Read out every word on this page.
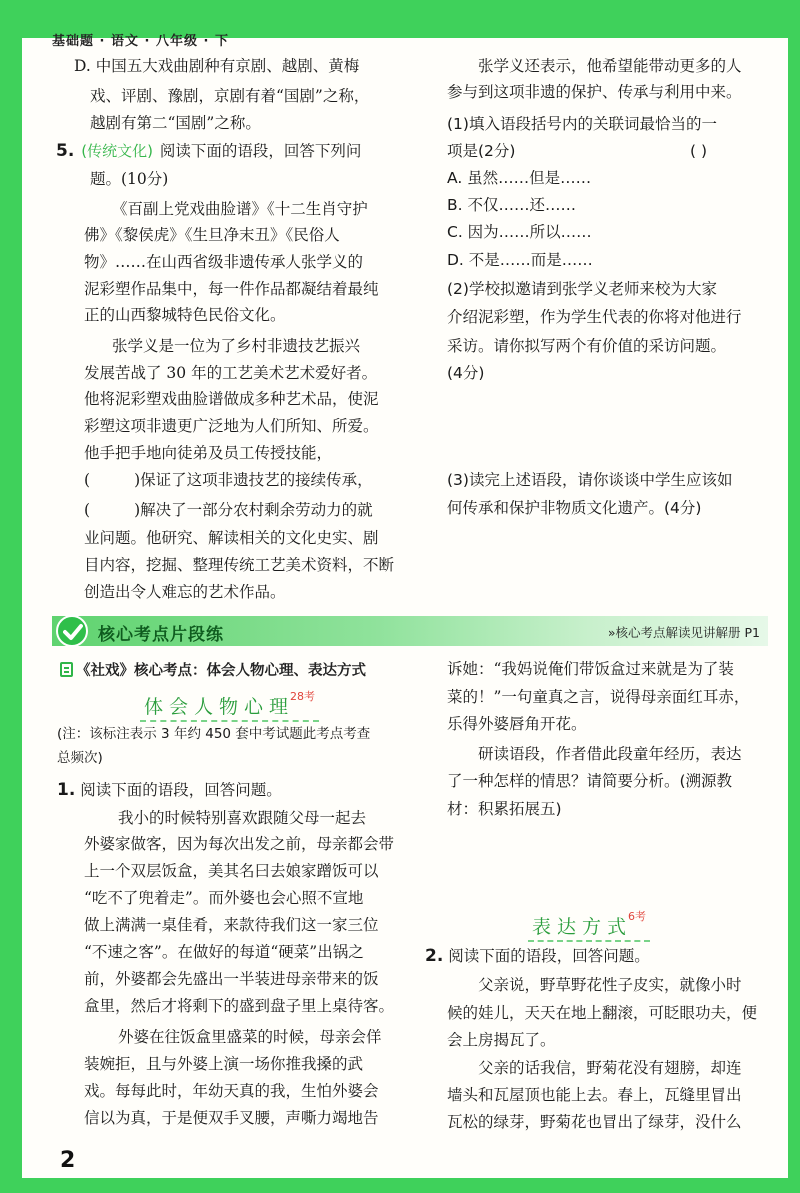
基础题 · 语文 · 八年级 · 下
D. 中国五大戏曲剧种有京剧、越剧、黄梅
戏、评剧、豫剧，京剧有着“国剧”之称，
越剧有第二“国剧”之称。
5. (传统文化) 阅读下面的语段，回答下列问
题。(10分)
《百副上党戏曲脸谱》《十二生肖守护
佛》《黎侯虎》《生旦净末丑》《民俗人
物》……在山西省级非遗传承人张学义的
泥彩塑作品集中，每一件作品都凝结着最纯
正的山西黎城特色民俗文化。
张学义是一位为了乡村非遗技艺振兴
发展苦战了 30 年的工艺美术艺术爱好者。
他将泥彩塑戏曲脸谱做成多种艺术品，使泥
彩塑这项非遗更广泛地为人们所知、所爱。
他手把手地向徒弟及员工传授技能，
(	)保证了这项非遗技艺的接续传承，
(	)解决了一部分农村剩余劳动力的就
业问题。他研究、解读相关的文化史实、剧
目内容，挖掘、整理传统工艺美术资料，不断
创造出令人难忘的艺术作品。
张学义还表示，他希望能带动更多的人
参与到这项非遗的保护、传承与利用中来。
(1)填入语段括号内的关联词最恰当的一
项是(2分)	( )
A. 虽然……但是……
B. 不仅……还……
C. 因为……所以……
D. 不是……而是……
(2)学校拟邀请到张学义老师来校为大家
介绍泥彩塑，作为学生代表的你将对他进行
采访。请你拟写两个有价值的采访问题。
(4分)
(3)读完上述语段，请你谈谈中学生应该如
何传承和保护非物质文化遗产。(4分)
核心考点片段练	»核心考点解读见讲解册 P1
《社戏》核心考点：体会人物心理、表达方式
体会人物心理28考
(注：该标注表示 3 年约 450 套中考试题此考点考查
总频次)
1. 阅读下面的语段，回答问题。
我小的时候特别喜欢跟随父母一起去
外婆家做客，因为每次出发之前，母亲都会带
上一个双层饭盒，美其名曰去娘家蹭饭可以
“吃不了兜着走”。而外婆也会心照不宣地
做上满满一桌佳肴，来款待我们这一家三位
“不速之客”。在做好的每道“硬菜”出锅之
前，外婆都会先盛出一半装进母亲带来的饭
盒里，然后才将剩下的盛到盘子里上桌待客。
外婆在往饭盒里盛菜的时候，母亲会佯
装婉拒，且与外婆上演一场你推我搡的武
戏。每每此时，年幼天真的我，生怕外婆会
信以为真，于是便双手叉腰，声嘶力竭地告
诉她：“我妈说俺们带饭盒过来就是为了装
菜的！”一句童真之言，说得母亲面红耳赤，
乐得外婆唇角开花。
研读语段，作者借此段童年经历，表达
了一种怎样的情思？请简要分析。(溯源教
材：积累拓展五)
表达方式6考
2. 阅读下面的语段，回答问题。
父亲说，野草野花性子皮实，就像小时
候的娃儿，天天在地上翻滚，可眨眼功夫，便
会上房揭瓦了。
父亲的话我信，野菊花没有翅膀，却连
墙头和瓦屋顶也能上去。春上，瓦缝里冒出
瓦松的绿芽，野菊花也冒出了绿芽，没什么
2
